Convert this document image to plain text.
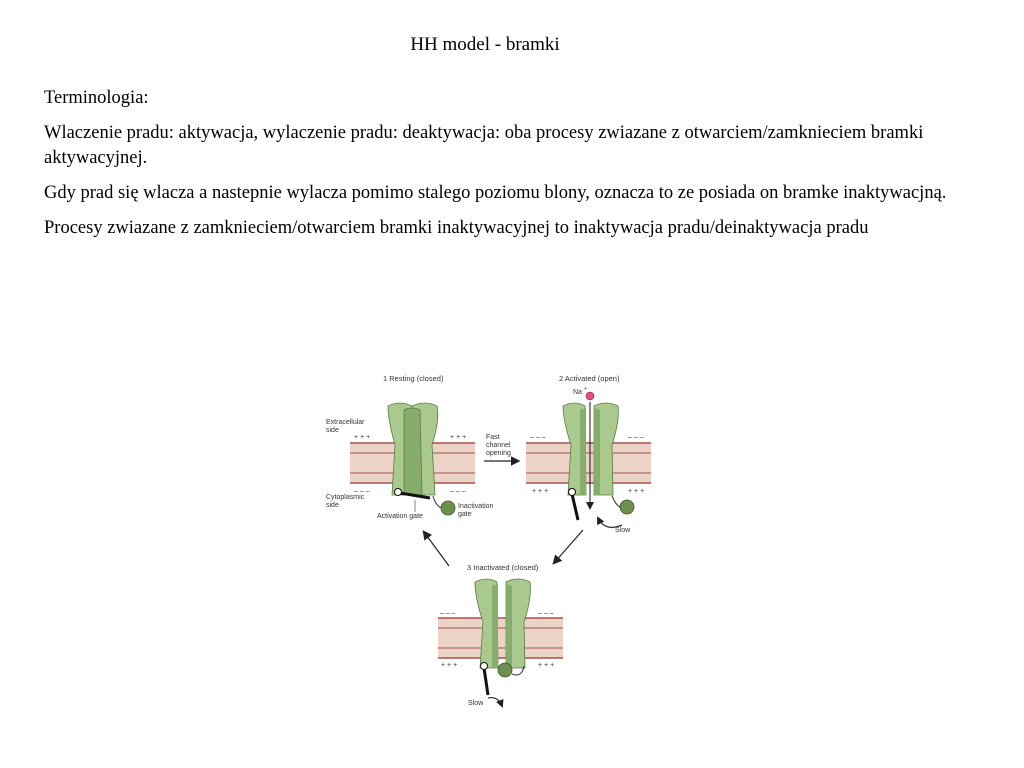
HH model - bramki

Terminologia:

Wlaczenie pradu: aktywacja, wylaczenie pradu: deaktywacja: oba procesy zwiazane z otwarciem/zamknieciem bramki aktywacyjnej.

Gdy prad się wlacza a nastepnie wylacza pomimo stalego poziomu blony, oznacza to ze posiada on bramke inaktywacjną.

Procesy zwiazane z zamknieciem/otwarciem bramki inaktywacyjnej to inaktywacja pradu/deinaktywacja pradu

1 Resting (closed)
Extracellular
side
Cytoplasmic
side
+ + +	+ + +
– – –	– – –
Activation gate
Inactivation
gate
Fast
channel
opening
2 Activated (open)
Na +
– – –	– – –
+ + +	+ + +
Slow
3 Inactivated (closed)
– – –	– – –
+ + +	+ + +
Slow
